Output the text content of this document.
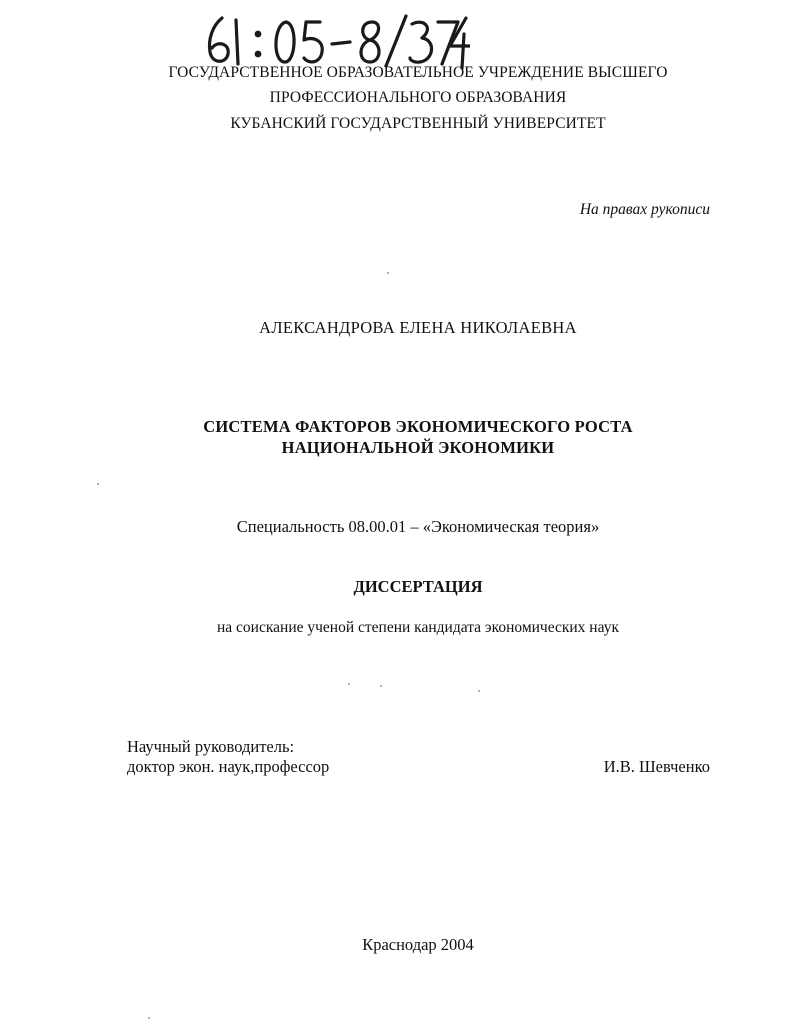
ГОСУДАРСТВЕННОЕ ОБРАЗОВАТЕЛЬНОЕ УЧРЕЖДЕНИЕ ВЫСШЕГО
ПРОФЕССИОНАЛЬНОГО ОБРАЗОВАНИЯ
КУБАНСКИЙ ГОСУДАРСТВЕННЫЙ УНИВЕРСИТЕТ
На правах рукописи
АЛЕКСАНДРОВА ЕЛЕНА НИКОЛАЕВНА
СИСТЕМА ФАКТОРОВ ЭКОНОМИЧЕСКОГО РОСТА
НАЦИОНАЛЬНОЙ ЭКОНОМИКИ
Специальность 08.00.01 – «Экономическая теория»
ДИССЕРТАЦИЯ
на соискание ученой степени кандидата экономических наук
Научный руководитель:
доктор экон. наук,профессор	И.В. Шевченко
Краснодар 2004
